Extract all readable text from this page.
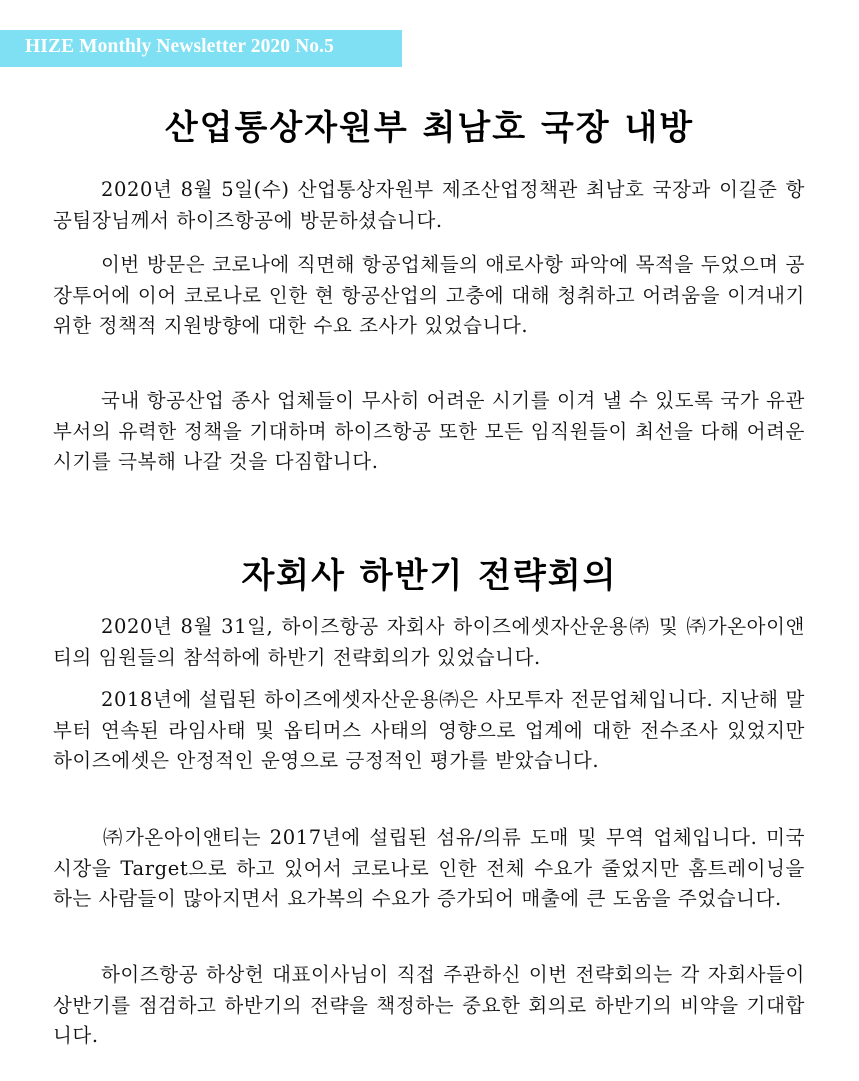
HIZE Monthly Newsletter 2020 No.5
산업통상자원부 최남호 국장 내방
2020년 8월 5일(수) 산업통상자원부 제조산업정책관 최남호 국장과 이길준 항공팀장님께서 하이즈항공에 방문하셨습니다.
이번 방문은 코로나에 직면해 항공업체들의 애로사항 파악에 목적을 두었으며 공장투어에 이어 코로나로 인한 현 항공산업의 고충에 대해 청취하고 어려움을 이겨내기 위한 정책적 지원방향에 대한 수요 조사가 있었습니다.
국내 항공산업 종사 업체들이 무사히 어려운 시기를 이겨 낼 수 있도록 국가 유관부서의 유력한 정책을 기대하며 하이즈항공 또한 모든 임직원들이 최선을 다해 어려운 시기를 극복해 나갈 것을 다짐합니다.
자회사 하반기 전략회의
2020년 8월 31일, 하이즈항공 자회사 하이즈에셋자산운용㈜ 및 ㈜가온아이앤티의 임원들의 참석하에 하반기 전략회의가 있었습니다.
2018년에 설립된 하이즈에셋자산운용㈜은 사모투자 전문업체입니다. 지난해 말부터 연속된 라임사태 및 옵티머스 사태의 영향으로 업계에 대한 전수조사 있었지만 하이즈에셋은 안정적인 운영으로 긍정적인 평가를 받았습니다.
㈜가온아이앤티는 2017년에 설립된 섬유/의류 도매 및 무역 업체입니다. 미국시장을 Target으로 하고 있어서 코로나로 인한 전체 수요가 줄었지만 홈트레이닝을 하는 사람들이 많아지면서 요가복의 수요가 증가되어 매출에 큰 도움을 주었습니다.
하이즈항공 하상헌 대표이사님이 직접 주관하신 이번 전략회의는 각 자회사들이 상반기를 점검하고 하반기의 전략을 책정하는 중요한 회의로 하반기의 비약을 기대합니다.
